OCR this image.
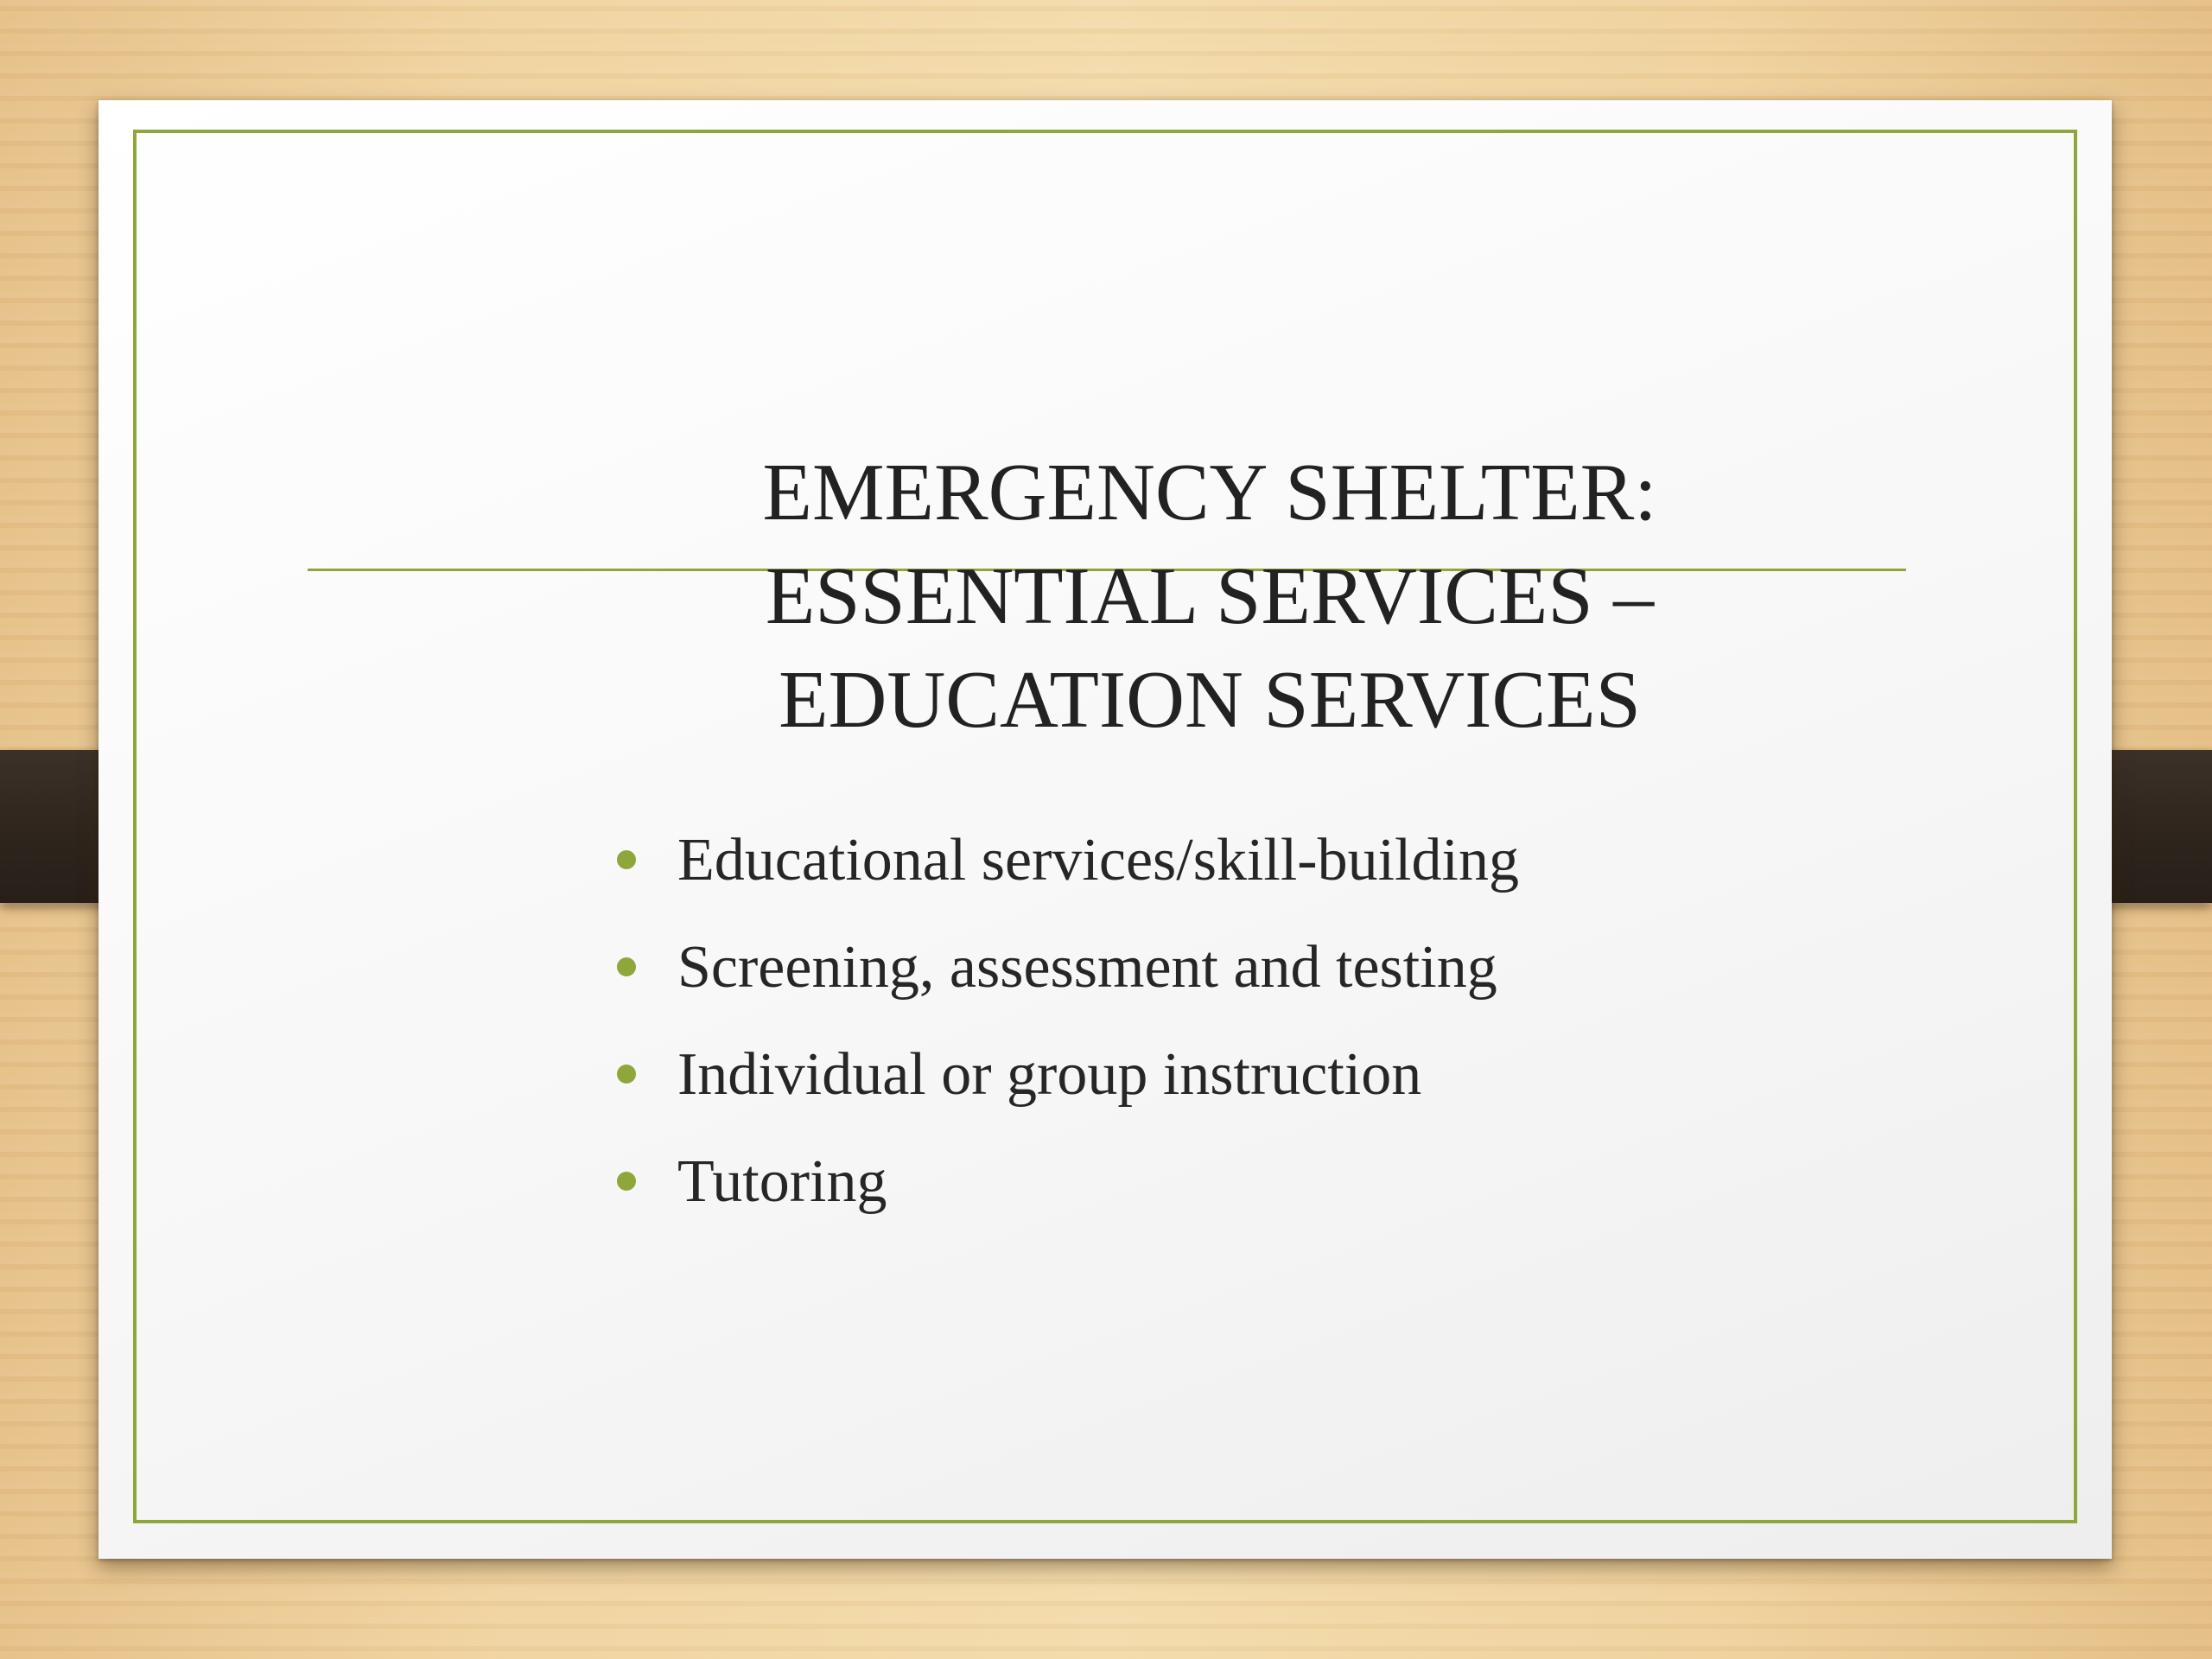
EMERGENCY SHELTER:
ESSENTIAL SERVICES –
EDUCATION SERVICES
Educational services/skill-building
Screening, assessment and testing
Individual or group instruction
Tutoring
